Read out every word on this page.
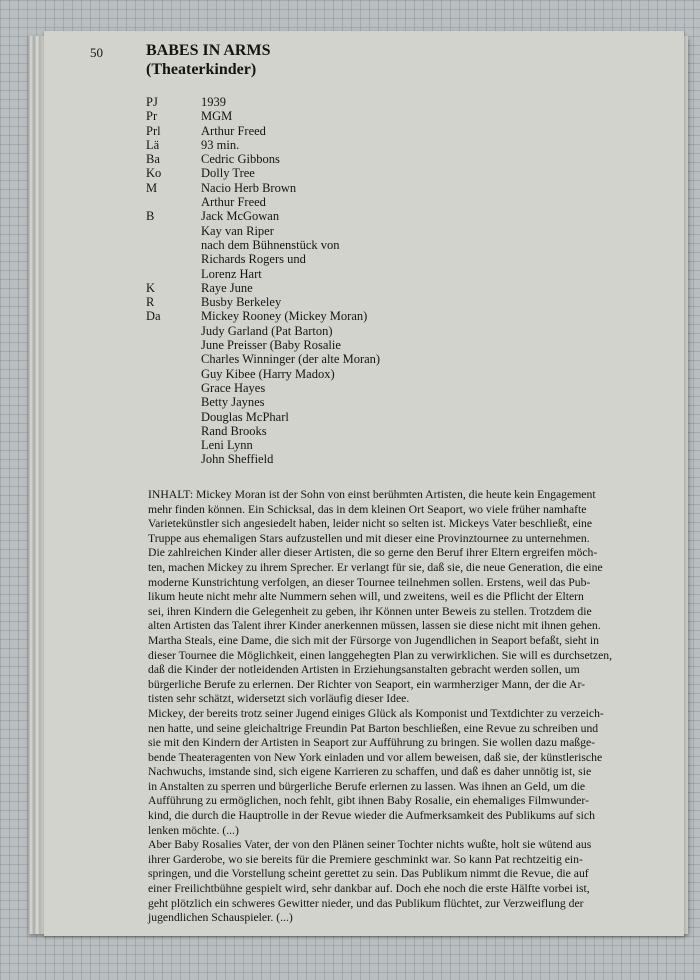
50	BABES IN ARMS
(Theaterkinder)
PJ	1939
Pr	MGM
Prl	Arthur Freed
Lä	93 min.
Ba	Cedric Gibbons
Ko	Dolly Tree
M	Nacio Herb Brown
Arthur Freed
B	Jack McGowan
Kay van Riper
nach dem Bühnenstück von
Richards Rogers und
Lorenz Hart
K	Raye June
R	Busby Berkeley
Da	Mickey Rooney (Mickey Moran)
Judy Garland (Pat Barton)
June Preisser (Baby Rosalie
Charles Winninger (der alte Moran)
Guy Kibee (Harry Madox)
Grace Hayes
Betty Jaynes
Douglas McPharl
Rand Brooks
Leni Lynn
John Sheffield
INHALT: Mickey Moran ist der Sohn von einst berühmten Artisten, die heute kein Engagement
mehr finden können. Ein Schicksal, das in dem kleinen Ort Seaport, wo viele früher namhafte
Varietekünstler sich angesiedelt haben, leider nicht so selten ist. Mickeys Vater beschließt, eine
Truppe aus ehemaligen Stars aufzustellen und mit dieser eine Provinztournee zu unternehmen.
Die zahlreichen Kinder aller dieser Artisten, die so gerne den Beruf ihrer Eltern ergreifen möch-
ten, machen Mickey zu ihrem Sprecher. Er verlangt für sie, daß sie, die neue Generation, die eine
moderne Kunstrichtung verfolgen, an dieser Tournee teilnehmen sollen. Erstens, weil das Pub-
likum heute nicht mehr alte Nummern sehen will, und zweitens, weil es die Pflicht der Eltern
sei, ihren Kindern die Gelegenheit zu geben, ihr Können unter Beweis zu stellen. Trotzdem die
alten Artisten das Talent ihrer Kinder anerkennen müssen, lassen sie diese nicht mit ihnen gehen.
Martha Steals, eine Dame, die sich mit der Fürsorge von Jugendlichen in Seaport befaßt, sieht in
dieser Tournee die Möglichkeit, einen langgehegten Plan zu verwirklichen. Sie will es durchsetzen,
daß die Kinder der notleidenden Artisten in Erziehungsanstalten gebracht werden sollen, um
bürgerliche Berufe zu erlernen. Der Richter von Seaport, ein warmherziger Mann, der die Ar-
tisten sehr schätzt, widersetzt sich vorläufig dieser Idee.
Mickey, der bereits trotz seiner Jugend einiges Glück als Komponist und Textdichter zu verzeich-
nen hatte, und seine gleichaltrige Freundin Pat Barton beschließen, eine Revue zu schreiben und
sie mit den Kindern der Artisten in Seaport zur Aufführung zu bringen. Sie wollen dazu maßge-
bende Theateragenten von New York einladen und vor allem beweisen, daß sie, der künstlerische
Nachwuchs, imstande sind, sich eigene Karrieren zu schaffen, und daß es daher unnötig ist, sie
in Anstalten zu sperren und bürgerliche Berufe erlernen zu lassen. Was ihnen an Geld, um die
Aufführung zu ermöglichen, noch fehlt, gibt ihnen Baby Rosalie, ein ehemaliges Filmwunder-
kind, die durch die Hauptrolle in der Revue wieder die Aufmerksamkeit des Publikums auf sich
lenken möchte. (...)
Aber Baby Rosalies Vater, der von den Plänen seiner Tochter nichts wußte, holt sie wütend aus
ihrer Garderobe, wo sie bereits für die Premiere geschminkt war. So kann Pat rechtzeitig ein-
springen, und die Vorstellung scheint gerettet zu sein. Das Publikum nimmt die Revue, die auf
einer Freilichtbühne gespielt wird, sehr dankbar auf. Doch ehe noch die erste Hälfte vorbei ist,
geht plötzlich ein schweres Gewitter nieder, und das Publikum flüchtet, zur Verzweiflung der
jugendlichen Schauspieler. (...)
